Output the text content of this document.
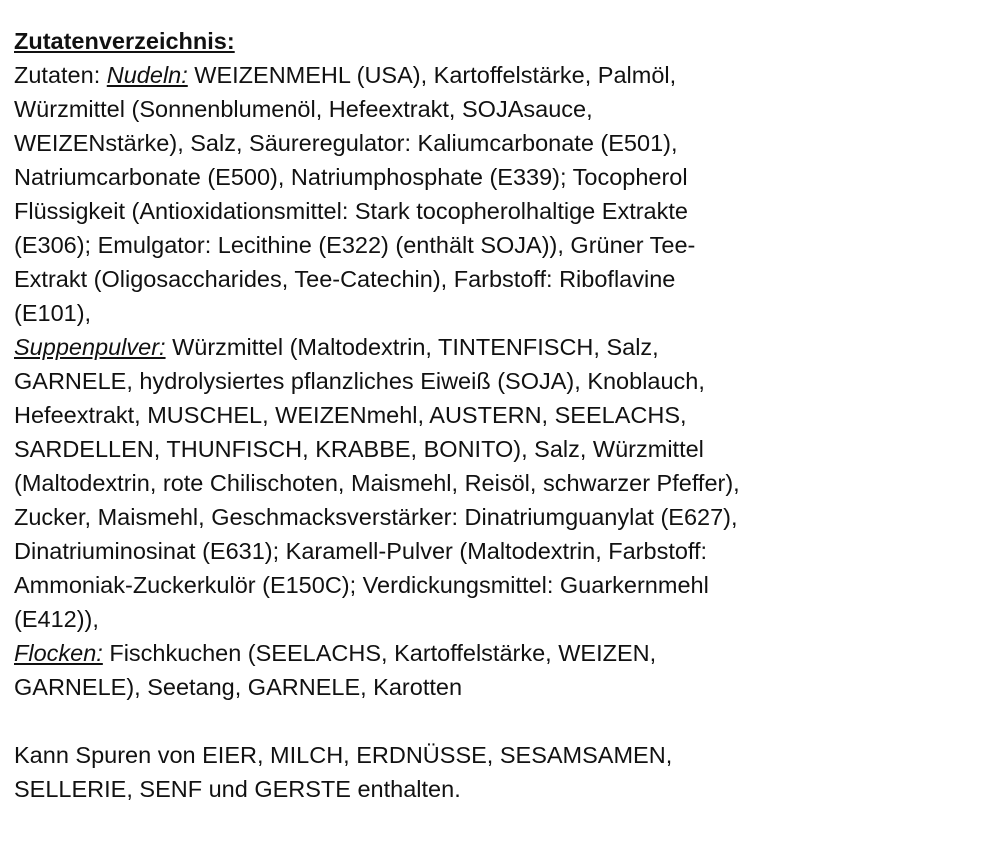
Zutatenverzeichnis:
Zutaten: Nudeln: WEIZENMEHL (USA), Kartoffelstärke, Palmöl,
Würzmittel (Sonnenblumenöl, Hefeextrakt, SOJAsauce,
WEIZENstärke), Salz, Säureregulator: Kaliumcarbonate (E501),
Natriumcarbonate (E500), Natriumphosphate (E339); Tocopherol
Flüssigkeit (Antioxidationsmittel: Stark tocopherolhaltige Extrakte
(E306); Emulgator: Lecithine (E322) (enthält SOJA)), Grüner Tee-
Extrakt (Oligosaccharides, Tee-Catechin), Farbstoff: Riboflavine
(E101),
Suppenpulver: Würzmittel (Maltodextrin, TINTENFISCH, Salz,
GARNELE, hydrolysiertes pflanzliches Eiweiß (SOJA), Knoblauch,
Hefeextrakt, MUSCHEL, WEIZENmehl, AUSTERN, SEELACHS,
SARDELLEN, THUNFISCH, KRABBE, BONITO), Salz, Würzmittel
(Maltodextrin, rote Chilischoten, Maismehl, Reisöl, schwarzer Pfeffer),
Zucker, Maismehl, Geschmacksverstärker: Dinatriumguanylat (E627),
Dinatriuminosinat (E631); Karamell-Pulver (Maltodextrin, Farbstoff:
Ammoniak-Zuckerkulör (E150C); Verdickungsmittel: Guarkernmehl
(E412)),
Flocken: Fischkuchen (SEELACHS, Kartoffelstärke, WEIZEN,
GARNELE), Seetang, GARNELE, Karotten
Kann Spuren von EIER, MILCH, ERDNÜSSE, SESAMSAMEN,
SELLERIE, SENF und GERSTE enthalten.
